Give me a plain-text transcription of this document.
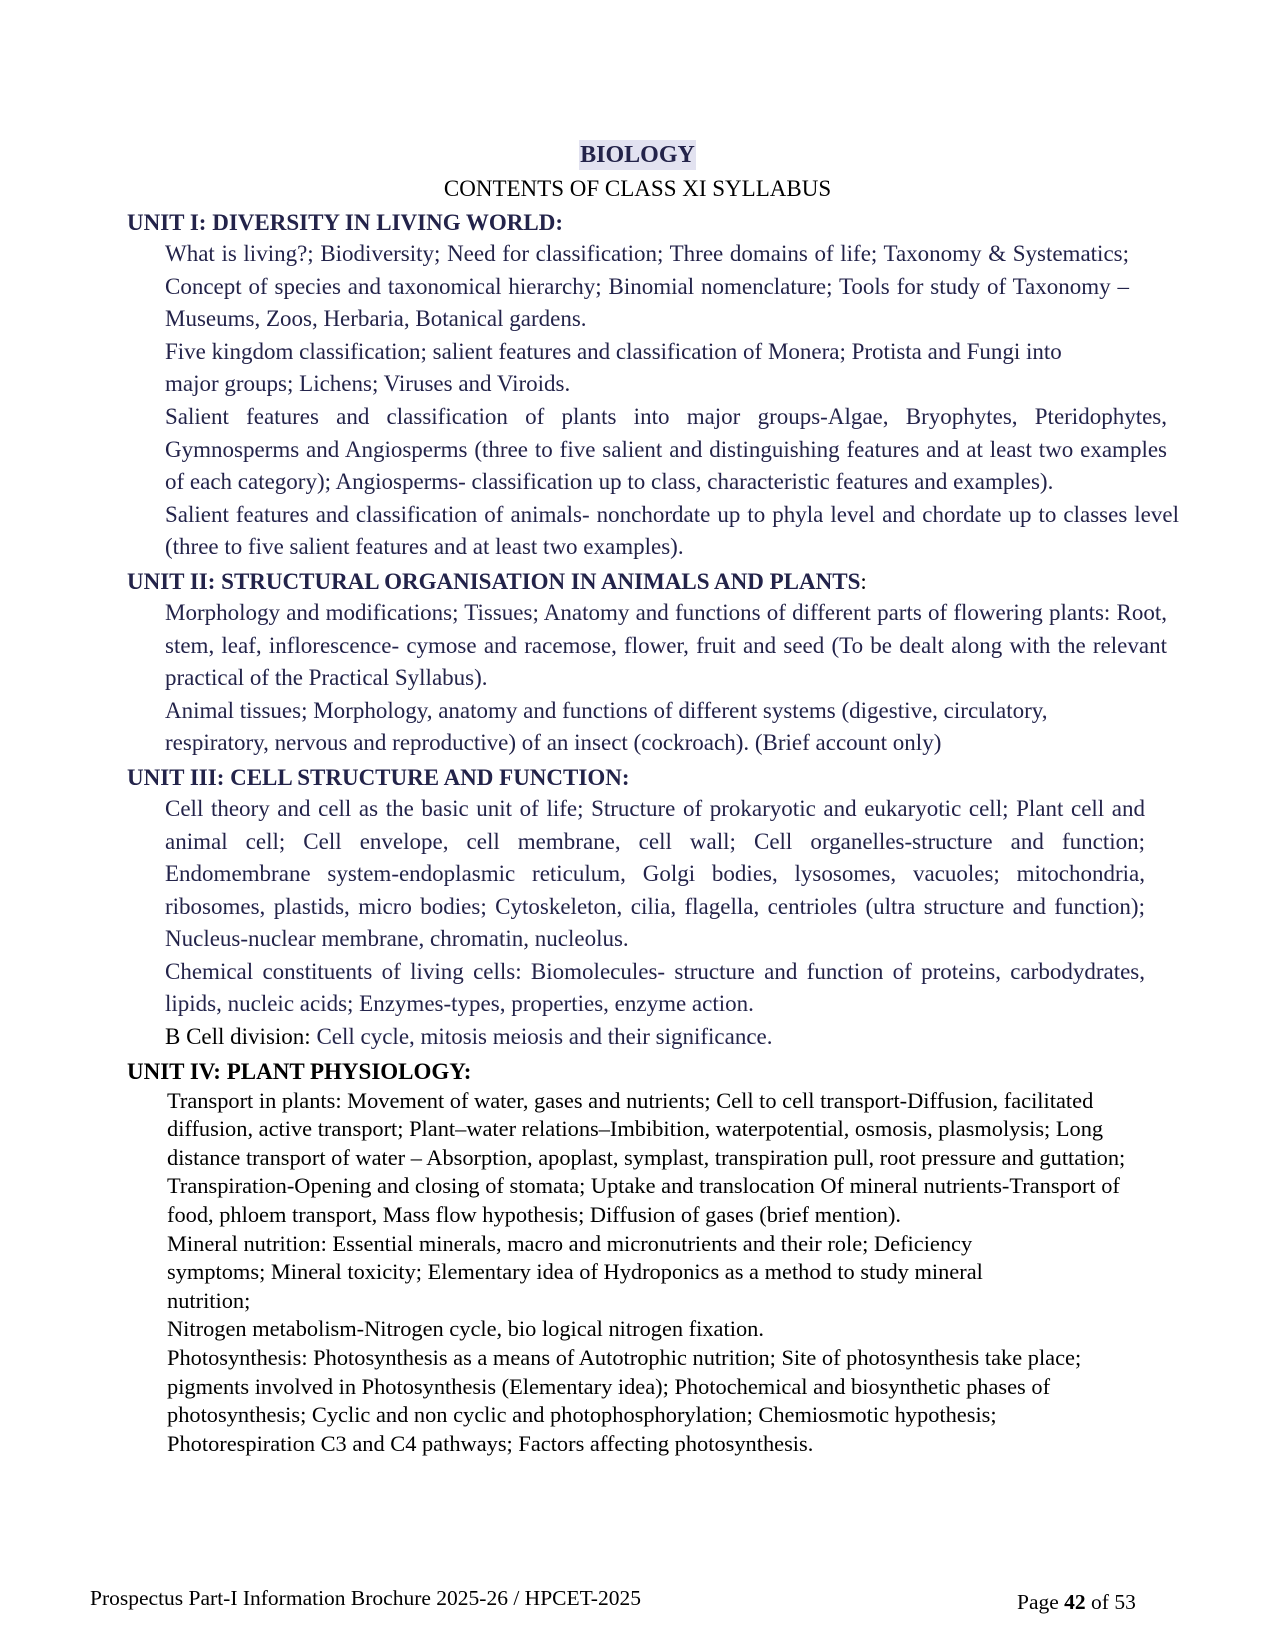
BIOLOGY
CONTENTS OF CLASS XI SYLLABUS
UNIT I: DIVERSITY IN LIVING WORLD:
What is living?; Biodiversity; Need for classification; Three domains of life; Taxonomy & Systematics; Concept of species and taxonomical hierarchy; Binomial nomenclature; Tools for study of Taxonomy – Museums, Zoos, Herbaria, Botanical gardens.
Five kingdom classification; salient features and classification of Monera; Protista and Fungi into major groups; Lichens; Viruses and Viroids.
Salient features and classification of plants into major groups-Algae, Bryophytes, Pteridophytes, Gymnosperms and Angiosperms (three to five salient and distinguishing features and at least two examples of each category); Angiosperms- classification up to class, characteristic features and examples).
Salient features and classification of animals- nonchordate up to phyla level and chordate up to classes level (three to five salient features and at least two examples).
UNIT II: STRUCTURAL ORGANISATION IN ANIMALS AND PLANTS:
Morphology and modifications; Tissues; Anatomy and functions of different parts of flowering plants: Root, stem, leaf, inflorescence- cymose and racemose, flower, fruit and seed (To be dealt along with the relevant practical of the Practical Syllabus).
Animal tissues; Morphology, anatomy and functions of different systems (digestive, circulatory, respiratory, nervous and reproductive) of an insect (cockroach). (Brief account only)
UNIT III: CELL STRUCTURE AND FUNCTION:
Cell theory and cell as the basic unit of life; Structure of prokaryotic and eukaryotic cell; Plant cell and animal cell; Cell envelope, cell membrane, cell wall; Cell organelles-structure and function; Endomembrane system-endoplasmic reticulum, Golgi bodies, lysosomes, vacuoles; mitochondria, ribosomes, plastids, micro bodies; Cytoskeleton, cilia, flagella, centrioles (ultra structure and function); Nucleus-nuclear membrane, chromatin, nucleolus.
Chemical constituents of living cells: Biomolecules- structure and function of proteins, carbodydrates, lipids, nucleic acids; Enzymes-types, properties, enzyme action.
B Cell division: Cell cycle, mitosis meiosis and their significance.
UNIT IV: PLANT PHYSIOLOGY:
Transport in plants: Movement of water, gases and nutrients; Cell to cell transport-Diffusion, facilitated diffusion, active transport; Plant–water relations–Imbibition, waterpotential, osmosis, plasmolysis; Long distance transport of water – Absorption, apoplast, symplast, transpiration pull, root pressure and guttation; Transpiration-Opening and closing of stomata; Uptake and translocation Of mineral nutrients-Transport of food, phloem transport, Mass flow hypothesis; Diffusion of gases (brief mention).
Mineral nutrition: Essential minerals, macro and micronutrients and their role; Deficiency symptoms; Mineral toxicity; Elementary idea of Hydroponics as a method to study mineral nutrition;
Nitrogen metabolism-Nitrogen cycle, bio logical nitrogen fixation.
Photosynthesis: Photosynthesis as a means of Autotrophic nutrition; Site of photosynthesis take place; pigments involved in Photosynthesis (Elementary idea); Photochemical and biosynthetic phases of photosynthesis; Cyclic and non cyclic and photophosphorylation; Chemiosmotic hypothesis; Photorespiration C3 and C4 pathways; Factors affecting photosynthesis.
Prospectus Part-I Information Brochure 2025-26 / HPCET-2025	Page 42 of 53
